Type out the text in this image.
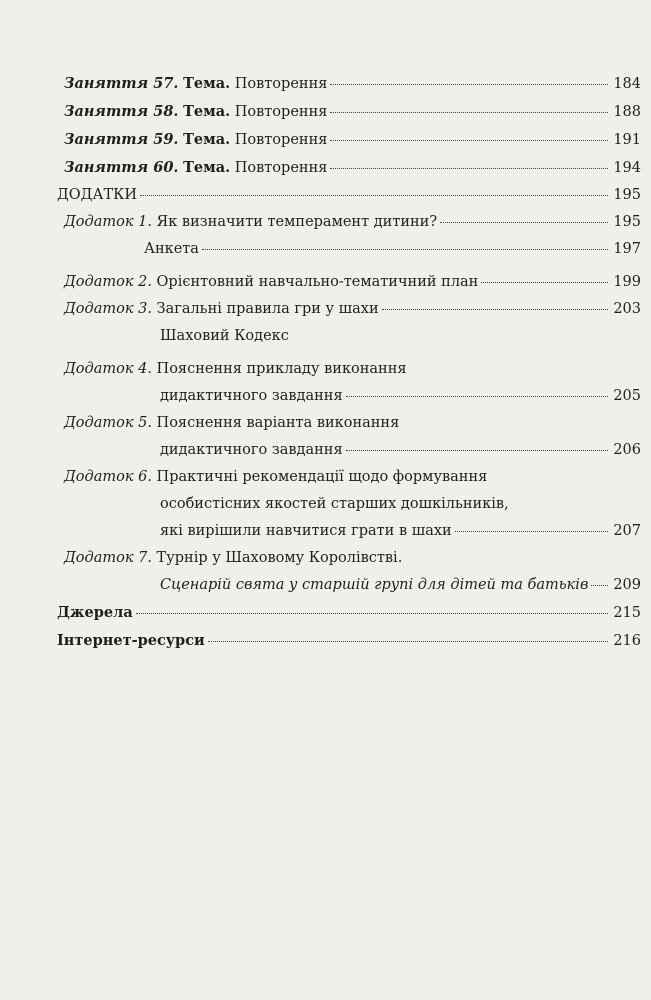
Заняття 57. Тема. Повторення	184
Заняття 58. Тема. Повторення	188
Заняття 59. Тема. Повторення	191
Заняття 60. Тема. Повторення	194
ДОДАТКИ	195
Додаток 1. Як визначити темперамент дитини?	195
Анкета	197
Додаток 2. Орієнтовний навчально-тематичний план	199
Додаток 3. Загальні правила гри у шахи	203
Шаховий Кодекс
Додаток 4. Пояснення прикладу виконання
дидактичного завдання	205
Додаток 5. Пояснення варіанта виконання
дидактичного завдання	206
Додаток 6. Практичні рекомендації щодо формування
особистісних якостей старших дошкільників,
які вирішили навчитися грати в шахи	207
Додаток 7. Турнір у Шаховому Королівстві.
Сценарій свята у старшій групі для дітей та батьків 209
Джерела	215
Інтернет-ресурси	216
